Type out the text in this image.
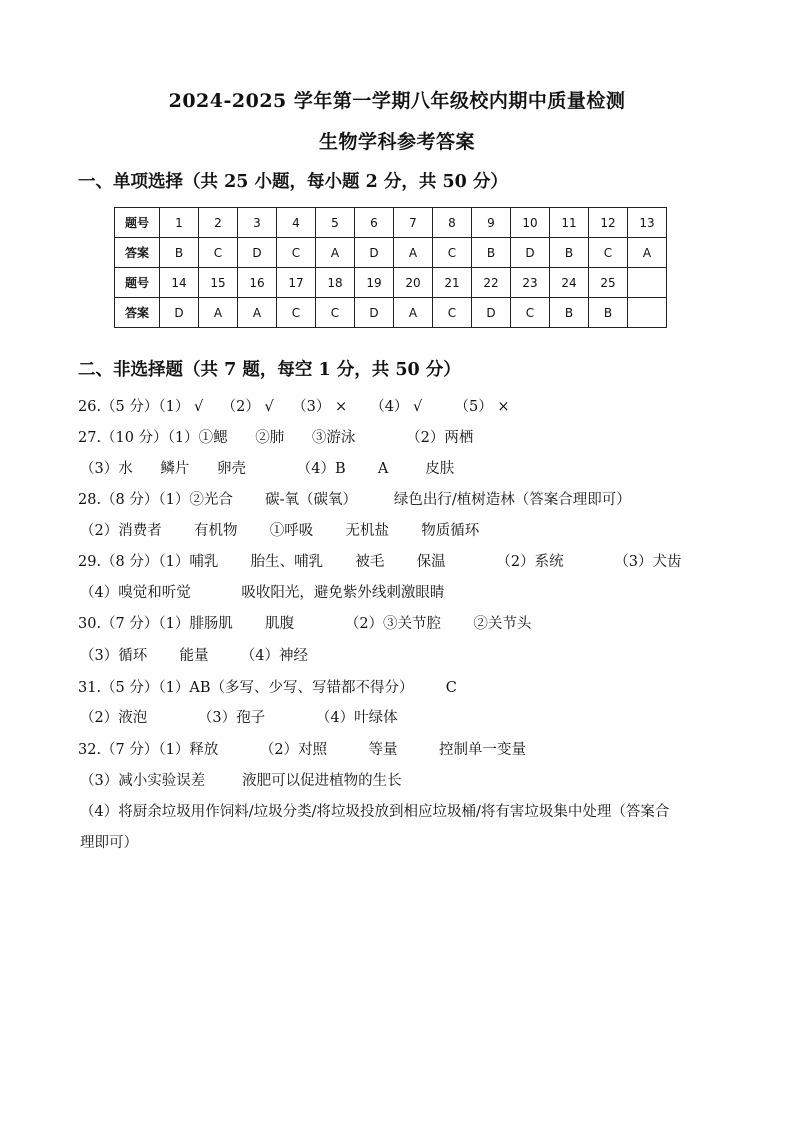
2024-2025 学年第一学期八年级校内期中质量检测
生物学科参考答案
一、单项选择（共 25 小题，每小题 2 分，共 50 分）
题号	1	2	3	4	5	6	7	8	9	10	11	12	13
答案	B	C	D	C	A	D	A	C	B	D	B	C	A
题号	14	15	16	17	18	19	20	21	22	23	24	25	
答案	D	A	A	C	C	D	A	C	D	C	B	B	
二、非选择题（共 7 题，每空 1 分，共 50 分）
26.（5 分）（1） √    （2） √    （3） ×     （4） √       （5） ×
27.（10 分）（1）①鳃      ②肺      ③游泳           （2）两栖
（3）水      鳞片      卵壳           （4）B       A        皮肤
28.（8 分）（1）②光合       碳-氧（碳氧）        绿色出行/植树造林（答案合理即可）
（2）消费者       有机物       ①呼吸       无机盐       物质循环
29.（8 分）（1）哺乳       胎生、哺乳       被毛       保温           （2）系统           （3）犬齿
（4）嗅觉和听觉           吸收阳光，避免紫外线刺激眼睛
30.（7 分）（1）腓肠肌       肌腹           （2）③关节腔       ②关节头
（3）循环       能量       （4）神经
31.（5 分）（1）AB（多写、少写、写错都不得分）       C
（2）液泡           （3）孢子           （4）叶绿体
32.（7 分）（1）释放         （2）对照         等量         控制单一变量
（3）减小实验误差        液肥可以促进植物的生长
（4）将厨余垃圾用作饲料/垃圾分类/将垃圾投放到相应垃圾桶/将有害垃圾集中处理（答案合
理即可）
